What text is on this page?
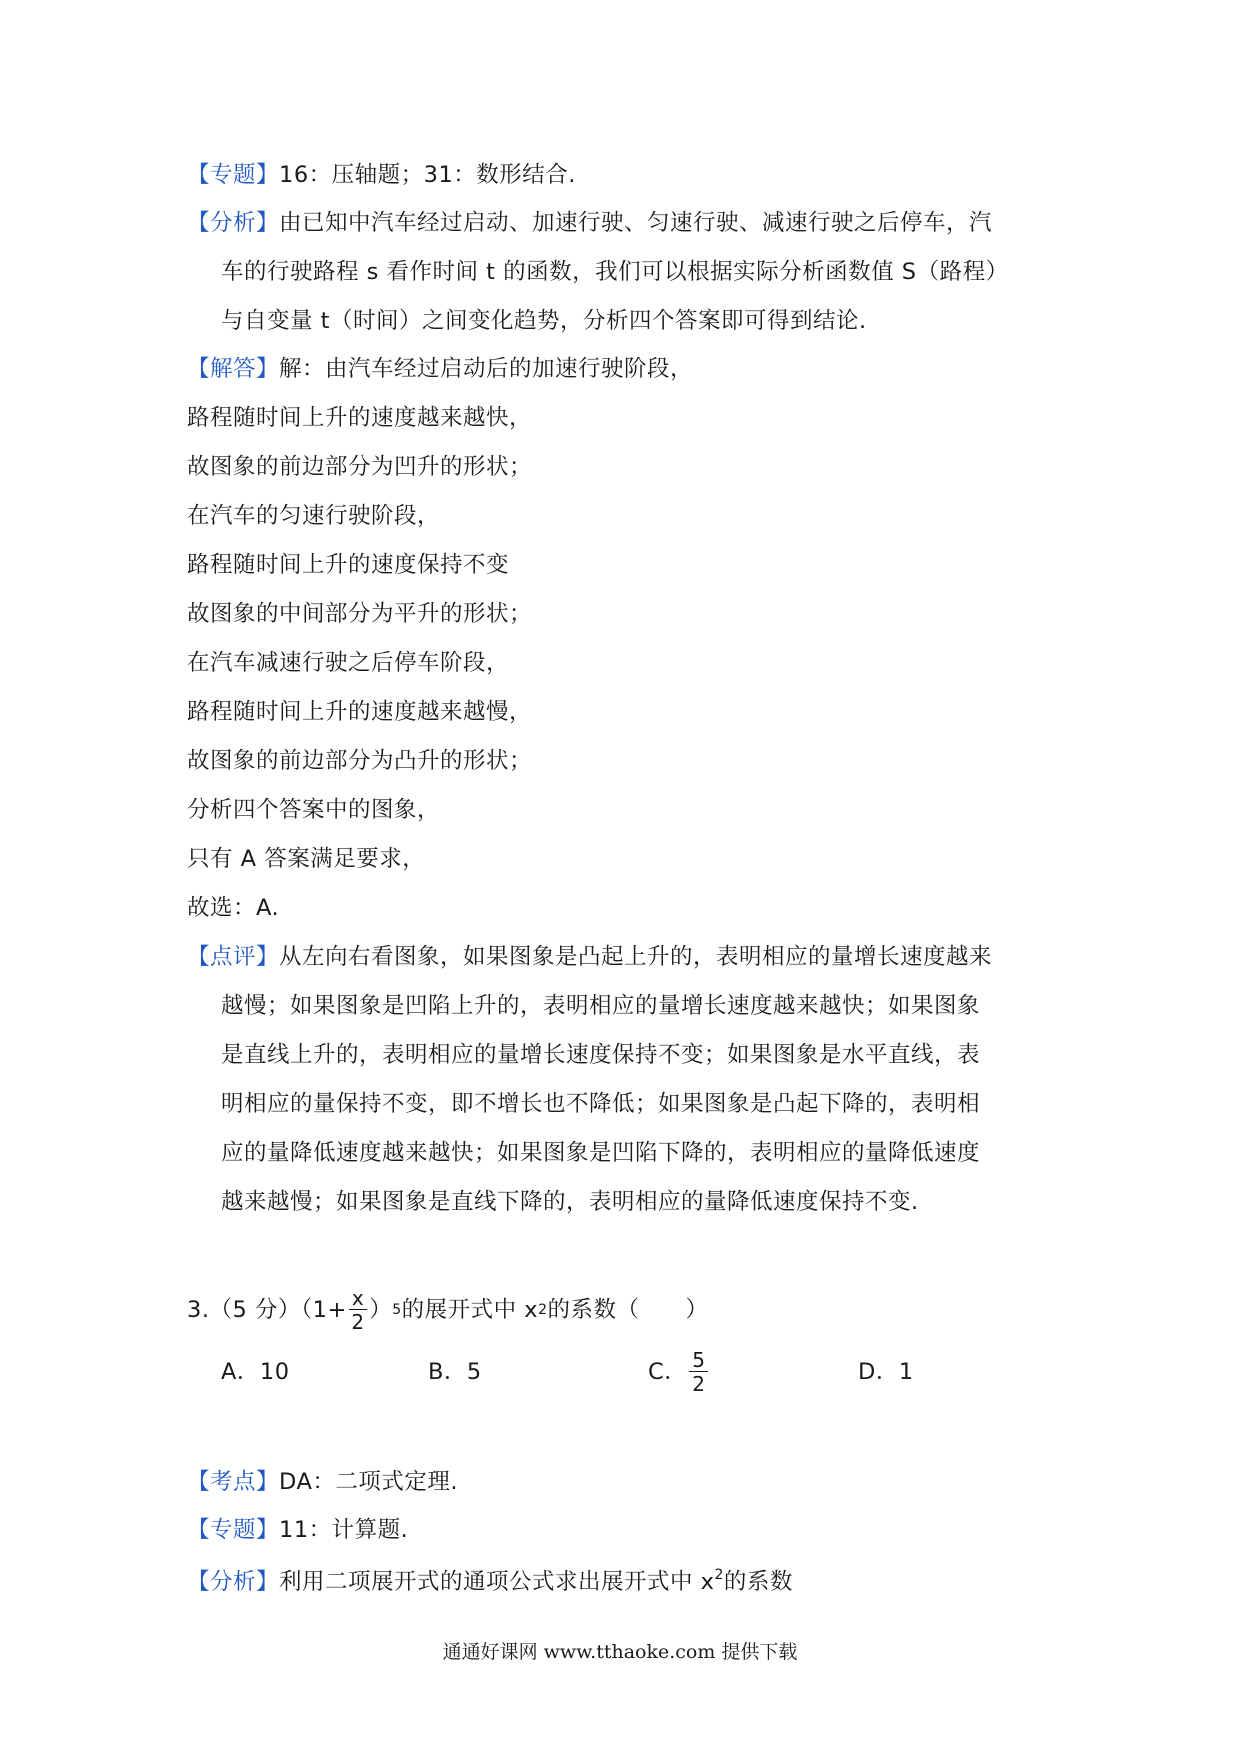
【专题】16：压轴题；31：数形结合.
【分析】由已知中汽车经过启动、加速行驶、匀速行驶、减速行驶之后停车，汽
车的行驶路程 s 看作时间 t 的函数，我们可以根据实际分析函数值 S（路程）
与自变量 t（时间）之间变化趋势，分析四个答案即可得到结论.
【解答】解：由汽车经过启动后的加速行驶阶段，
路程随时间上升的速度越来越快，
故图象的前边部分为凹升的形状；
在汽车的匀速行驶阶段，
路程随时间上升的速度保持不变
故图象的中间部分为平升的形状；
在汽车减速行驶之后停车阶段，
路程随时间上升的速度越来越慢，
故图象的前边部分为凸升的形状；
分析四个答案中的图象，
只有 A 答案满足要求，
故选：A.
【点评】从左向右看图象，如果图象是凸起上升的，表明相应的量增长速度越来
越慢；如果图象是凹陷上升的，表明相应的量增长速度越来越快；如果图象
是直线上升的，表明相应的量增长速度保持不变；如果图象是水平直线，表
明相应的量保持不变，即不增长也不降低；如果图象是凸起下降的，表明相
应的量降低速度越来越快；如果图象是凹陷下降的，表明相应的量降低速度
越来越慢；如果图象是直线下降的，表明相应的量降低速度保持不变.
3.（5 分）（$1+ \frac{x}{2}$ ） 5 的展开式中 x 2 的系数（　　）
A．10	B．5	C． $\frac{5}{2}$	D．1
【考点】DA：二项式定理.
【专题】11：计算题.
【分析】利用二项展开式的通项公式求出展开式中 $x^2$的系数
通通好课网 www.tthaoke.com 提供下载
